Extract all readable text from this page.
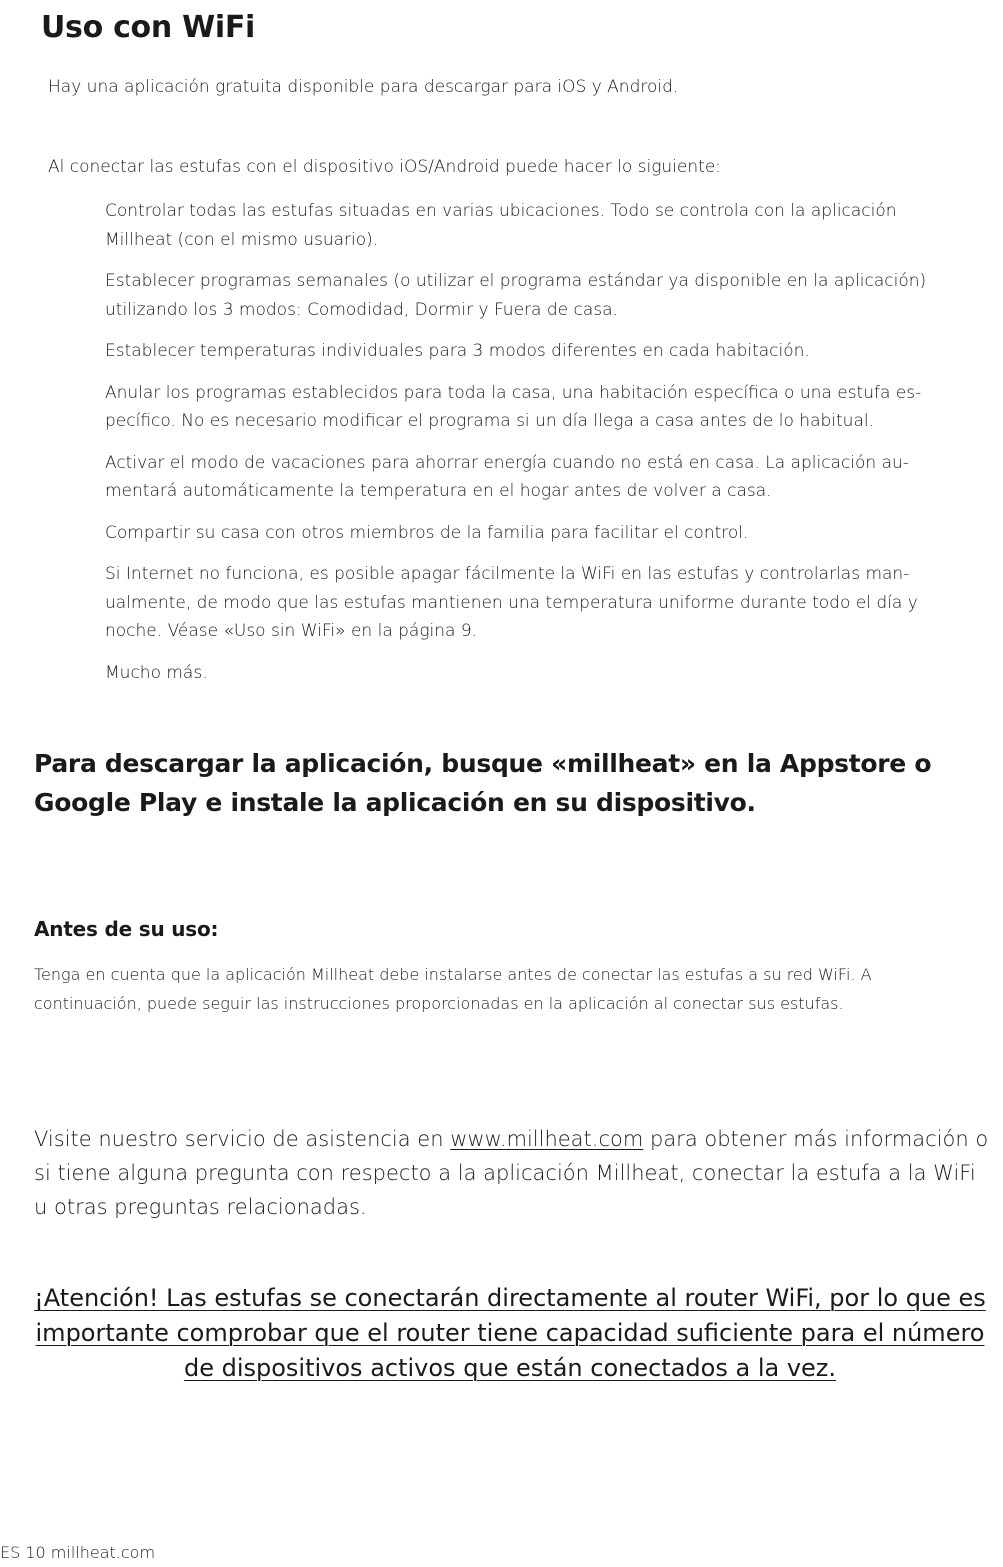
Uso con WiFi
Hay una aplicación gratuita disponible para descargar para iOS y Android.
Al conectar las estufas con el dispositivo iOS/Android puede hacer lo siguiente:
Controlar todas las estufas situadas en varias ubicaciones. Todo se controla con la aplicación Millheat (con el mismo usuario).
Establecer programas semanales (o utilizar el programa estándar ya disponible en la aplicación) utilizando los 3 modos: Comodidad, Dormir y Fuera de casa.
Establecer temperaturas individuales para 3 modos diferentes en cada habitación.
Anular los programas establecidos para toda la casa, una habitación específica o una estufa específico. No es necesario modificar el programa si un día llega a casa antes de lo habitual.
Activar el modo de vacaciones para ahorrar energía cuando no está en casa. La aplicación aumentará automáticamente la temperatura en el hogar antes de volver a casa.
Compartir su casa con otros miembros de la familia para facilitar el control.
Si Internet no funciona, es posible apagar fácilmente la WiFi en las estufas y controlarlas manualmente, de modo que las estufas mantienen una temperatura uniforme durante todo el día y noche. Véase «Uso sin WiFi» en la página 9.
Mucho más.
Para descargar la aplicación, busque «millheat» en la Appstore o Google Play e instale la aplicación en su dispositivo.
Antes de su uso:
Tenga en cuenta que la aplicación Millheat debe instalarse antes de conectar las estufas a su red WiFi. A continuación, puede seguir las instrucciones proporcionadas en la aplicación al conectar sus estufas.
Visite nuestro servicio de asistencia en www.millheat.com para obtener más información o si tiene alguna pregunta con respecto a la aplicación Millheat, conectar la estufa a la WiFi u otras preguntas relacionadas.

¡Atención! Las estufas se conectarán directamente al router WiFi, por lo que es importante comprobar que el router tiene capacidad suficiente para el número de dispositivos activos que están conectados a la vez.

ES 10 millheat.com
